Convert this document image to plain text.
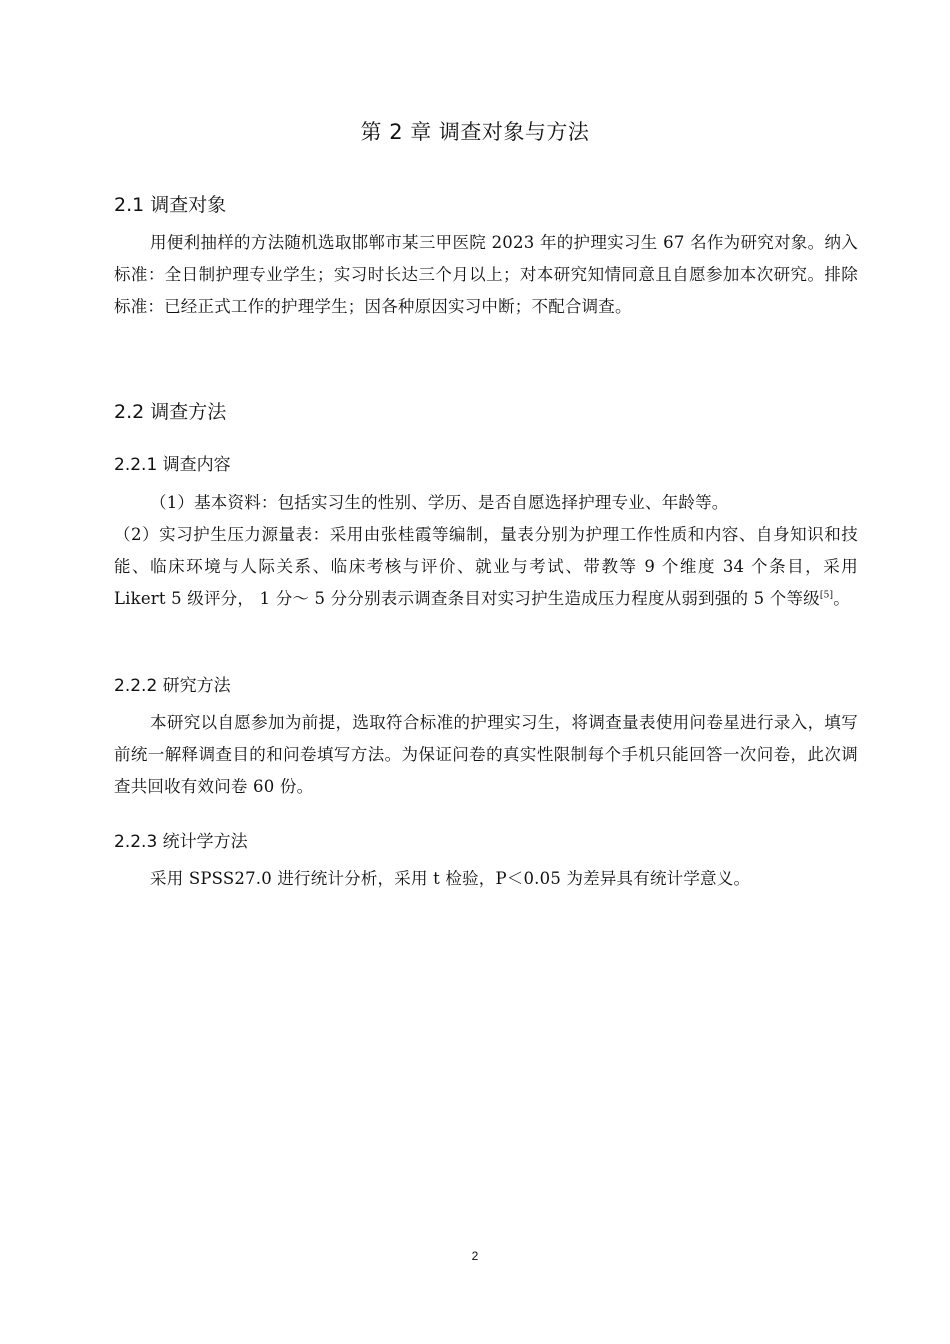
第 2 章 调查对象与方法
2.1 调查对象
用便利抽样的方法随机选取邯郸市某三甲医院 2023 年的护理实习生 67 名作为研究对象。纳入标准：全日制护理专业学生；实习时长达三个月以上；对本研究知情同意且自愿参加本次研究。排除标准：已经正式工作的护理学生；因各种原因实习中断；不配合调查。
2.2 调查方法
2.2.1 调查内容
（1）基本资料：包括实习生的性别、学历、是否自愿选择护理专业、年龄等。
（2）实习护生压力源量表：采用由张桂霞等编制，量表分别为护理工作性质和内容、自身知识和技能、临床环境与人际关系、临床考核与评价、就业与考试、带教等 9 个维度 34 个条目，采用 Likert 5 级评分， 1 分～ 5 分分别表示调查条目对实习护生造成压力程度从弱到强的 5 个等级[5]。
2.2.2 研究方法
本研究以自愿参加为前提，选取符合标准的护理实习生，将调查量表使用问卷星进行录入，填写前统一解释调查目的和问卷填写方法。为保证问卷的真实性限制每个手机只能回答一次问卷，此次调查共回收有效问卷 60 份。
2.2.3 统计学方法
采用 SPSS27.0 进行统计分析，采用 t 检验，P＜0.05 为差异具有统计学意义。
2
